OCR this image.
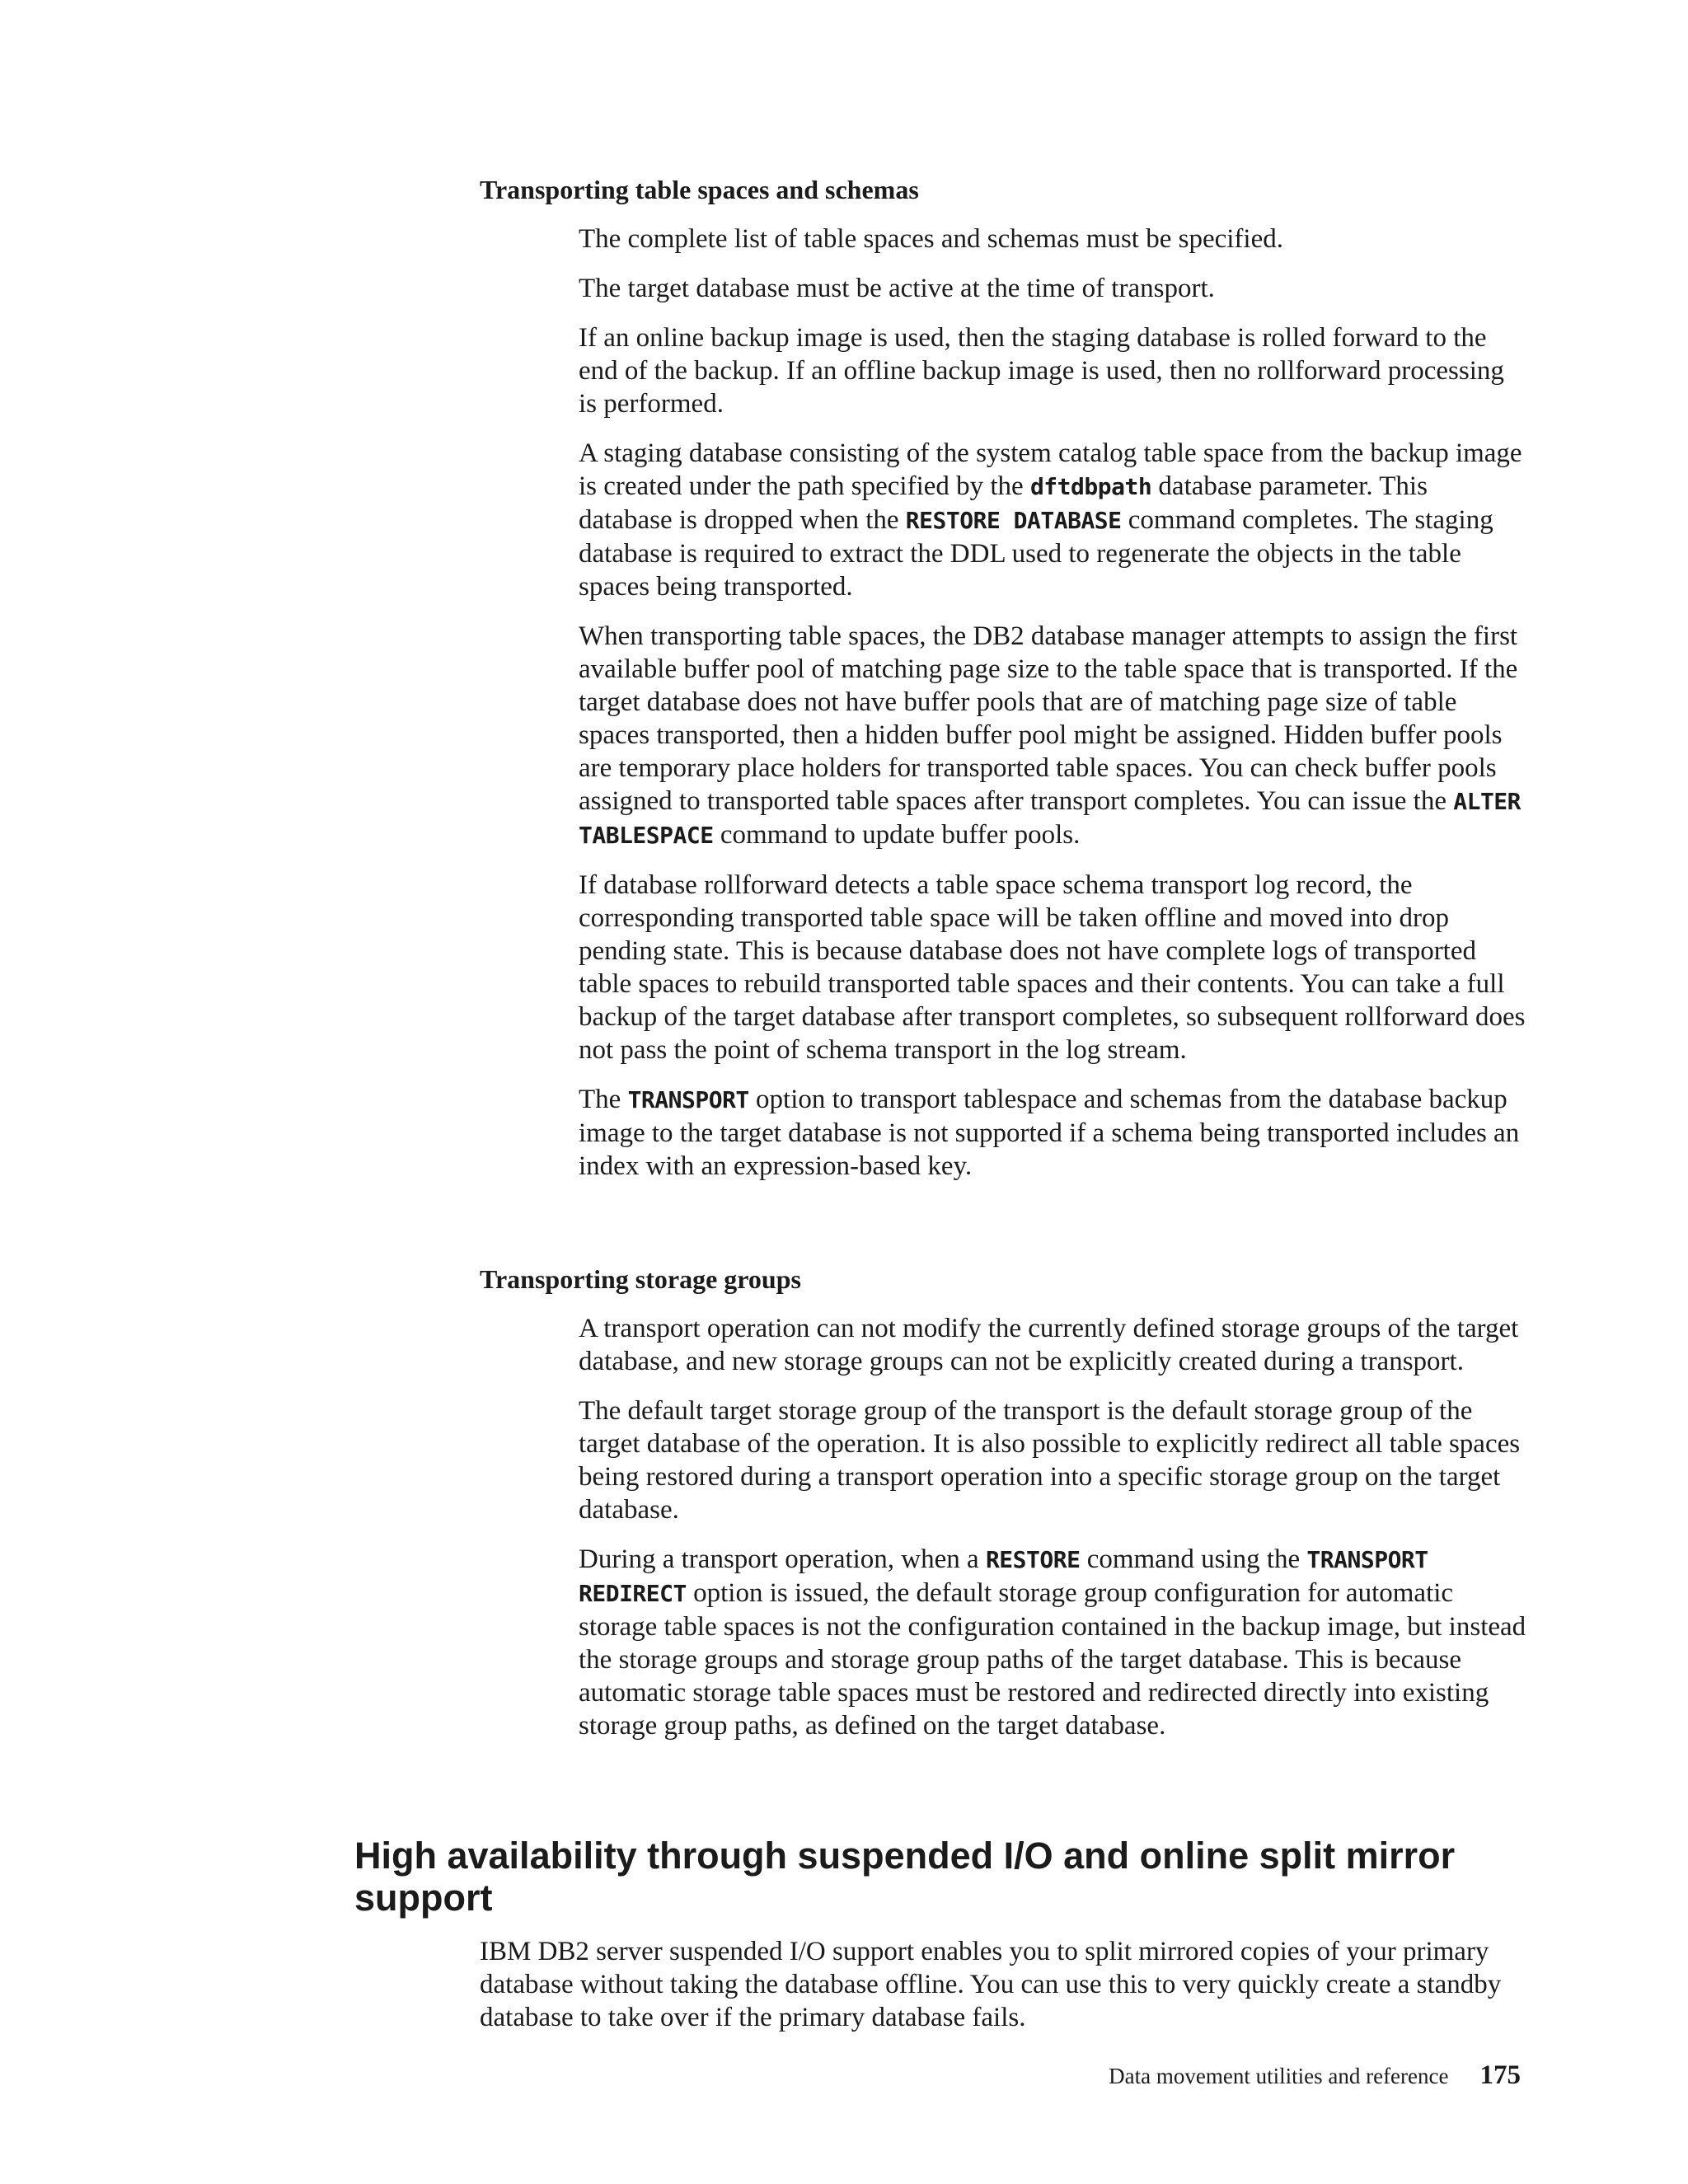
Transporting table spaces and schemas

The complete list of table spaces and schemas must be specified.

The target database must be active at the time of transport.

If an online backup image is used, then the staging database is rolled forward to the end of the backup. If an offline backup image is used, then no rollforward processing is performed.

A staging database consisting of the system catalog table space from the backup image is created under the path specified by the dftdbpath database parameter. This database is dropped when the RESTORE DATABASE command completes. The staging database is required to extract the DDL used to regenerate the objects in the table spaces being transported.

When transporting table spaces, the DB2 database manager attempts to assign the first available buffer pool of matching page size to the table space that is transported. If the target database does not have buffer pools that are of matching page size of table spaces transported, then a hidden buffer pool might be assigned. Hidden buffer pools are temporary place holders for transported table spaces. You can check buffer pools assigned to transported table spaces after transport completes. You can issue the ALTER TABLESPACE command to update buffer pools.

If database rollforward detects a table space schema transport log record, the corresponding transported table space will be taken offline and moved into drop pending state. This is because database does not have complete logs of transported table spaces to rebuild transported table spaces and their contents. You can take a full backup of the target database after transport completes, so subsequent rollforward does not pass the point of schema transport in the log stream.

The TRANSPORT option to transport tablespace and schemas from the database backup image to the target database is not supported if a schema being transported includes an index with an expression-based key.

Transporting storage groups

A transport operation can not modify the currently defined storage groups of the target database, and new storage groups can not be explicitly created during a transport.

The default target storage group of the transport is the default storage group of the target database of the operation. It is also possible to explicitly redirect all table spaces being restored during a transport operation into a specific storage group on the target database.

During a transport operation, when a RESTORE command using the TRANSPORT REDIRECT option is issued, the default storage group configuration for automatic storage table spaces is not the configuration contained in the backup image, but instead the storage groups and storage group paths of the target database. This is because automatic storage table spaces must be restored and redirected directly into existing storage group paths, as defined on the target database.

High availability through suspended I/O and online split mirror support

IBM DB2 server suspended I/O support enables you to split mirrored copies of your primary database without taking the database offline. You can use this to very quickly create a standby database to take over if the primary database fails.

Data movement utilities and reference 175
